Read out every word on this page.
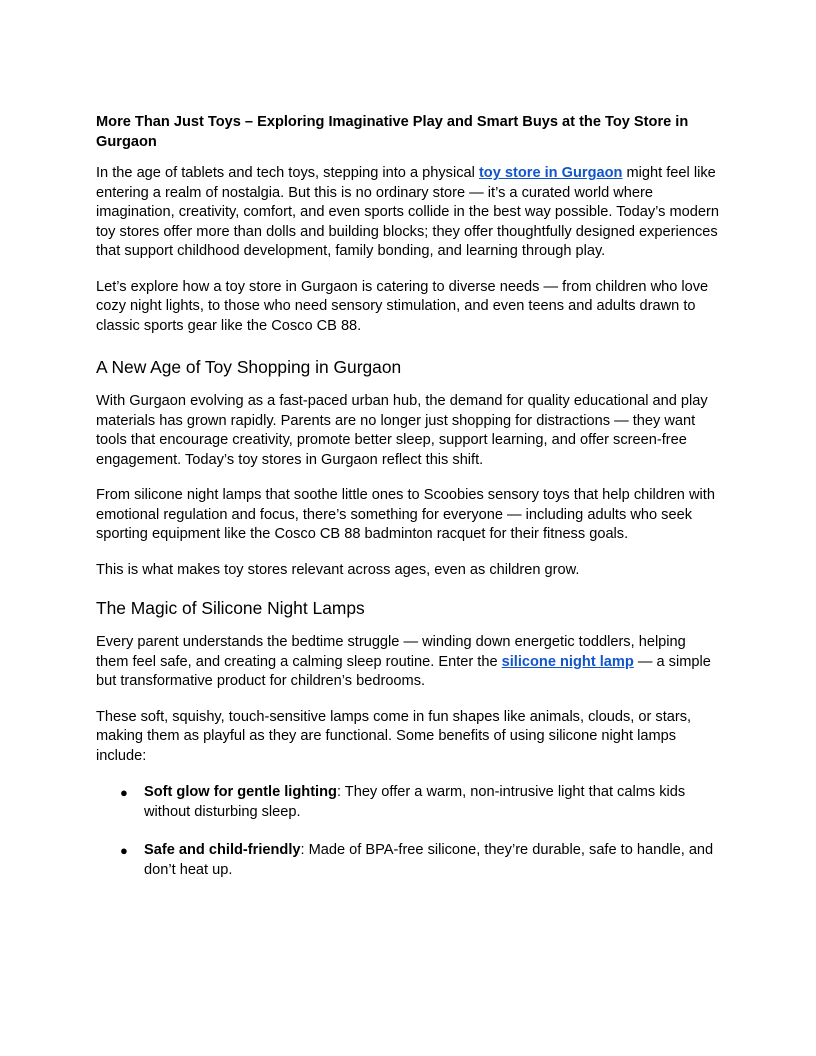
More Than Just Toys – Exploring Imaginative Play and Smart Buys at the Toy Store in Gurgaon

In the age of tablets and tech toys, stepping into a physical toy store in Gurgaon might feel like entering a realm of nostalgia. But this is no ordinary store — it’s a curated world where imagination, creativity, comfort, and even sports collide in the best way possible. Today’s modern toy stores offer more than dolls and building blocks; they offer thoughtfully designed experiences that support childhood development, family bonding, and learning through play.

Let’s explore how a toy store in Gurgaon is catering to diverse needs — from children who love cozy night lights, to those who need sensory stimulation, and even teens and adults drawn to classic sports gear like the Cosco CB 88.

A New Age of Toy Shopping in Gurgaon

With Gurgaon evolving as a fast-paced urban hub, the demand for quality educational and play materials has grown rapidly. Parents are no longer just shopping for distractions — they want tools that encourage creativity, promote better sleep, support learning, and offer screen-free engagement. Today’s toy stores in Gurgaon reflect this shift.

From silicone night lamps that soothe little ones to Scoobies sensory toys that help children with emotional regulation and focus, there’s something for everyone — including adults who seek sporting equipment like the Cosco CB 88 badminton racquet for their fitness goals.

This is what makes toy stores relevant across ages, even as children grow.

The Magic of Silicone Night Lamps

Every parent understands the bedtime struggle — winding down energetic toddlers, helping them feel safe, and creating a calming sleep routine. Enter the silicone night lamp — a simple but transformative product for children’s bedrooms.

These soft, squishy, touch-sensitive lamps come in fun shapes like animals, clouds, or stars, making them as playful as they are functional. Some benefits of using silicone night lamps include:

● Soft glow for gentle lighting: They offer a warm, non-intrusive light that calms kids without disturbing sleep.
● Safe and child-friendly: Made of BPA-free silicone, they’re durable, safe to handle, and don’t heat up.
